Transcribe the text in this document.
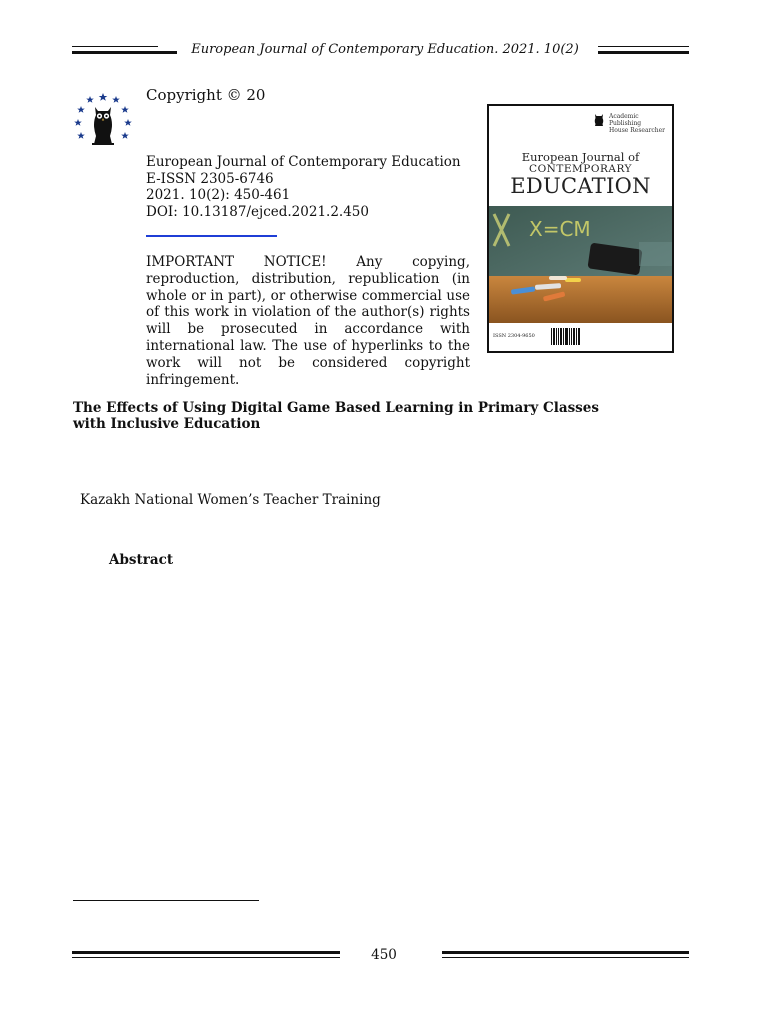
European Journal of Contemporary Education. 2021. 10(2)
Copyright © 20
European Journal of Contemporary Education
E-ISSN 2305-6746
2021. 10(2): 450-461
DOI: 10.13187/ejced.2021.2.450
IMPORTANT NOTICE! Any copying, reproduction, distribution, republication (in whole or in part), or otherwise commercial use of this work in violation of the author(s) rights will be prosecuted in accordance with international law. The use of hyperlinks to the work will not be considered copyright infringement.
Academic Publishing
House Researcher
European Journal of
CONTEMPORARY
EDUCATION
X=CM
ISSN 2304-9650
The Effects of Using Digital Game Based Learning in Primary Classes with Inclusive Education
Kazakh National Women’s Teacher Training
Abstract
450
